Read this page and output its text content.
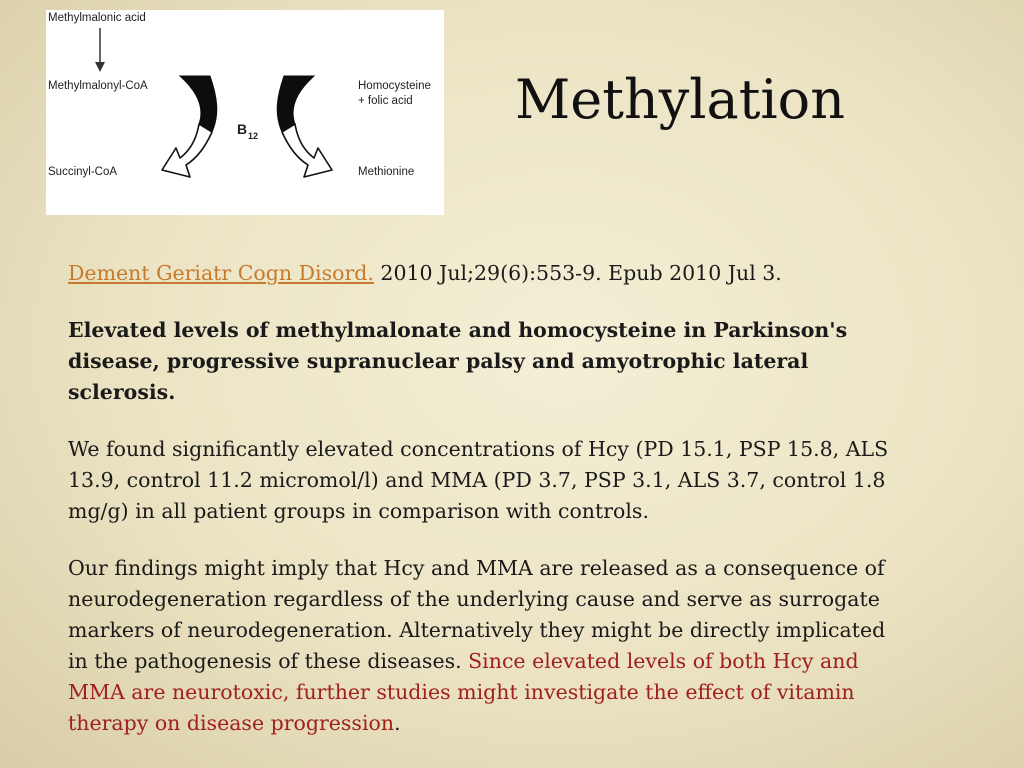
Methylmalonic acid
Methylmalonyl-CoA
Succinyl-CoA
Homocysteine
+ folic acid
Methionine
B 12
Methylation

Dement Geriatr Cogn Disord. 2010 Jul;29(6):553-9. Epub 2010 Jul 3.

Elevated levels of methylmalonate and homocysteine in Parkinson's disease, progressive supranuclear palsy and amyotrophic lateral sclerosis.

We found significantly elevated concentrations of Hcy (PD 15.1, PSP 15.8, ALS 13.9, control 11.2 micromol/l) and MMA (PD 3.7, PSP 3.1, ALS 3.7, control 1.8 mg/g) in all patient groups in comparison with controls.

Our findings might imply that Hcy and MMA are released as a consequence of neurodegeneration regardless of the underlying cause and serve as surrogate markers of neurodegeneration. Alternatively they might be directly implicated in the pathogenesis of these diseases. Since elevated levels of both Hcy and MMA are neurotoxic, further studies might investigate the effect of vitamin therapy on disease progression.
